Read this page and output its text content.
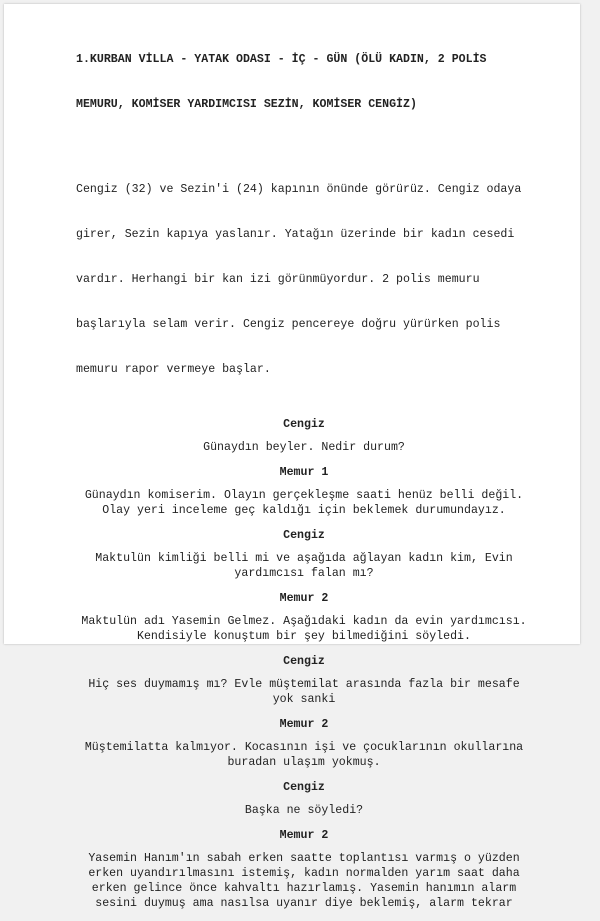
1.KURBAN VİLLA - YATAK ODASI - İÇ - GÜN (ÖLÜ KADIN, 2 POLİS

MEMURU, KOMİSER YARDIMCISI SEZİN, KOMİSER CENGİZ)

Cengiz (32) ve Sezin'i (24) kapının önünde görürüz. Cengiz odaya

girer, Sezin kapıya yaslanır. Yatağın üzerinde bir kadın cesedi

vardır. Herhangi bir kan izi görünmüyordur. 2 polis memuru

başlarıyla selam verir. Cengiz pencereye doğru yürürken polis

memuru rapor vermeye başlar.

Cengiz
Günaydın beyler. Nedir durum?
Memur 1
Günaydın komiserim. Olayın gerçekleşme saati henüz belli değil.
Olay yeri inceleme geç kaldığı için beklemek durumundayız.
Cengiz
Maktulün kimliği belli mi ve aşağıda ağlayan kadın kim, Evin
yardımcısı falan mı?
Memur 2
Maktulün adı Yasemin Gelmez. Aşağıdaki kadın da evin yardımcısı.
Kendisiyle konuştum bir şey bilmediğini söyledi.
Cengiz
Hiç ses duymamış mı? Evle müştemilat arasında fazla bir mesafe
yok sanki
Memur 2
Müştemilatta kalmıyor. Kocasının işi ve çocuklarının okullarına
buradan ulaşım yokmuş.
Cengiz
Başka ne söyledi?
Memur 2
Yasemin Hanım'ın sabah erken saatte toplantısı varmış o yüzden
erken uyandırılmasını istemiş, kadın normalden yarım saat daha
erken gelince önce kahvaltı hazırlamış. Yasemin hanımın alarm
sesini duymuş ama nasılsa uyanır diye beklemiş, alarm tekrar
